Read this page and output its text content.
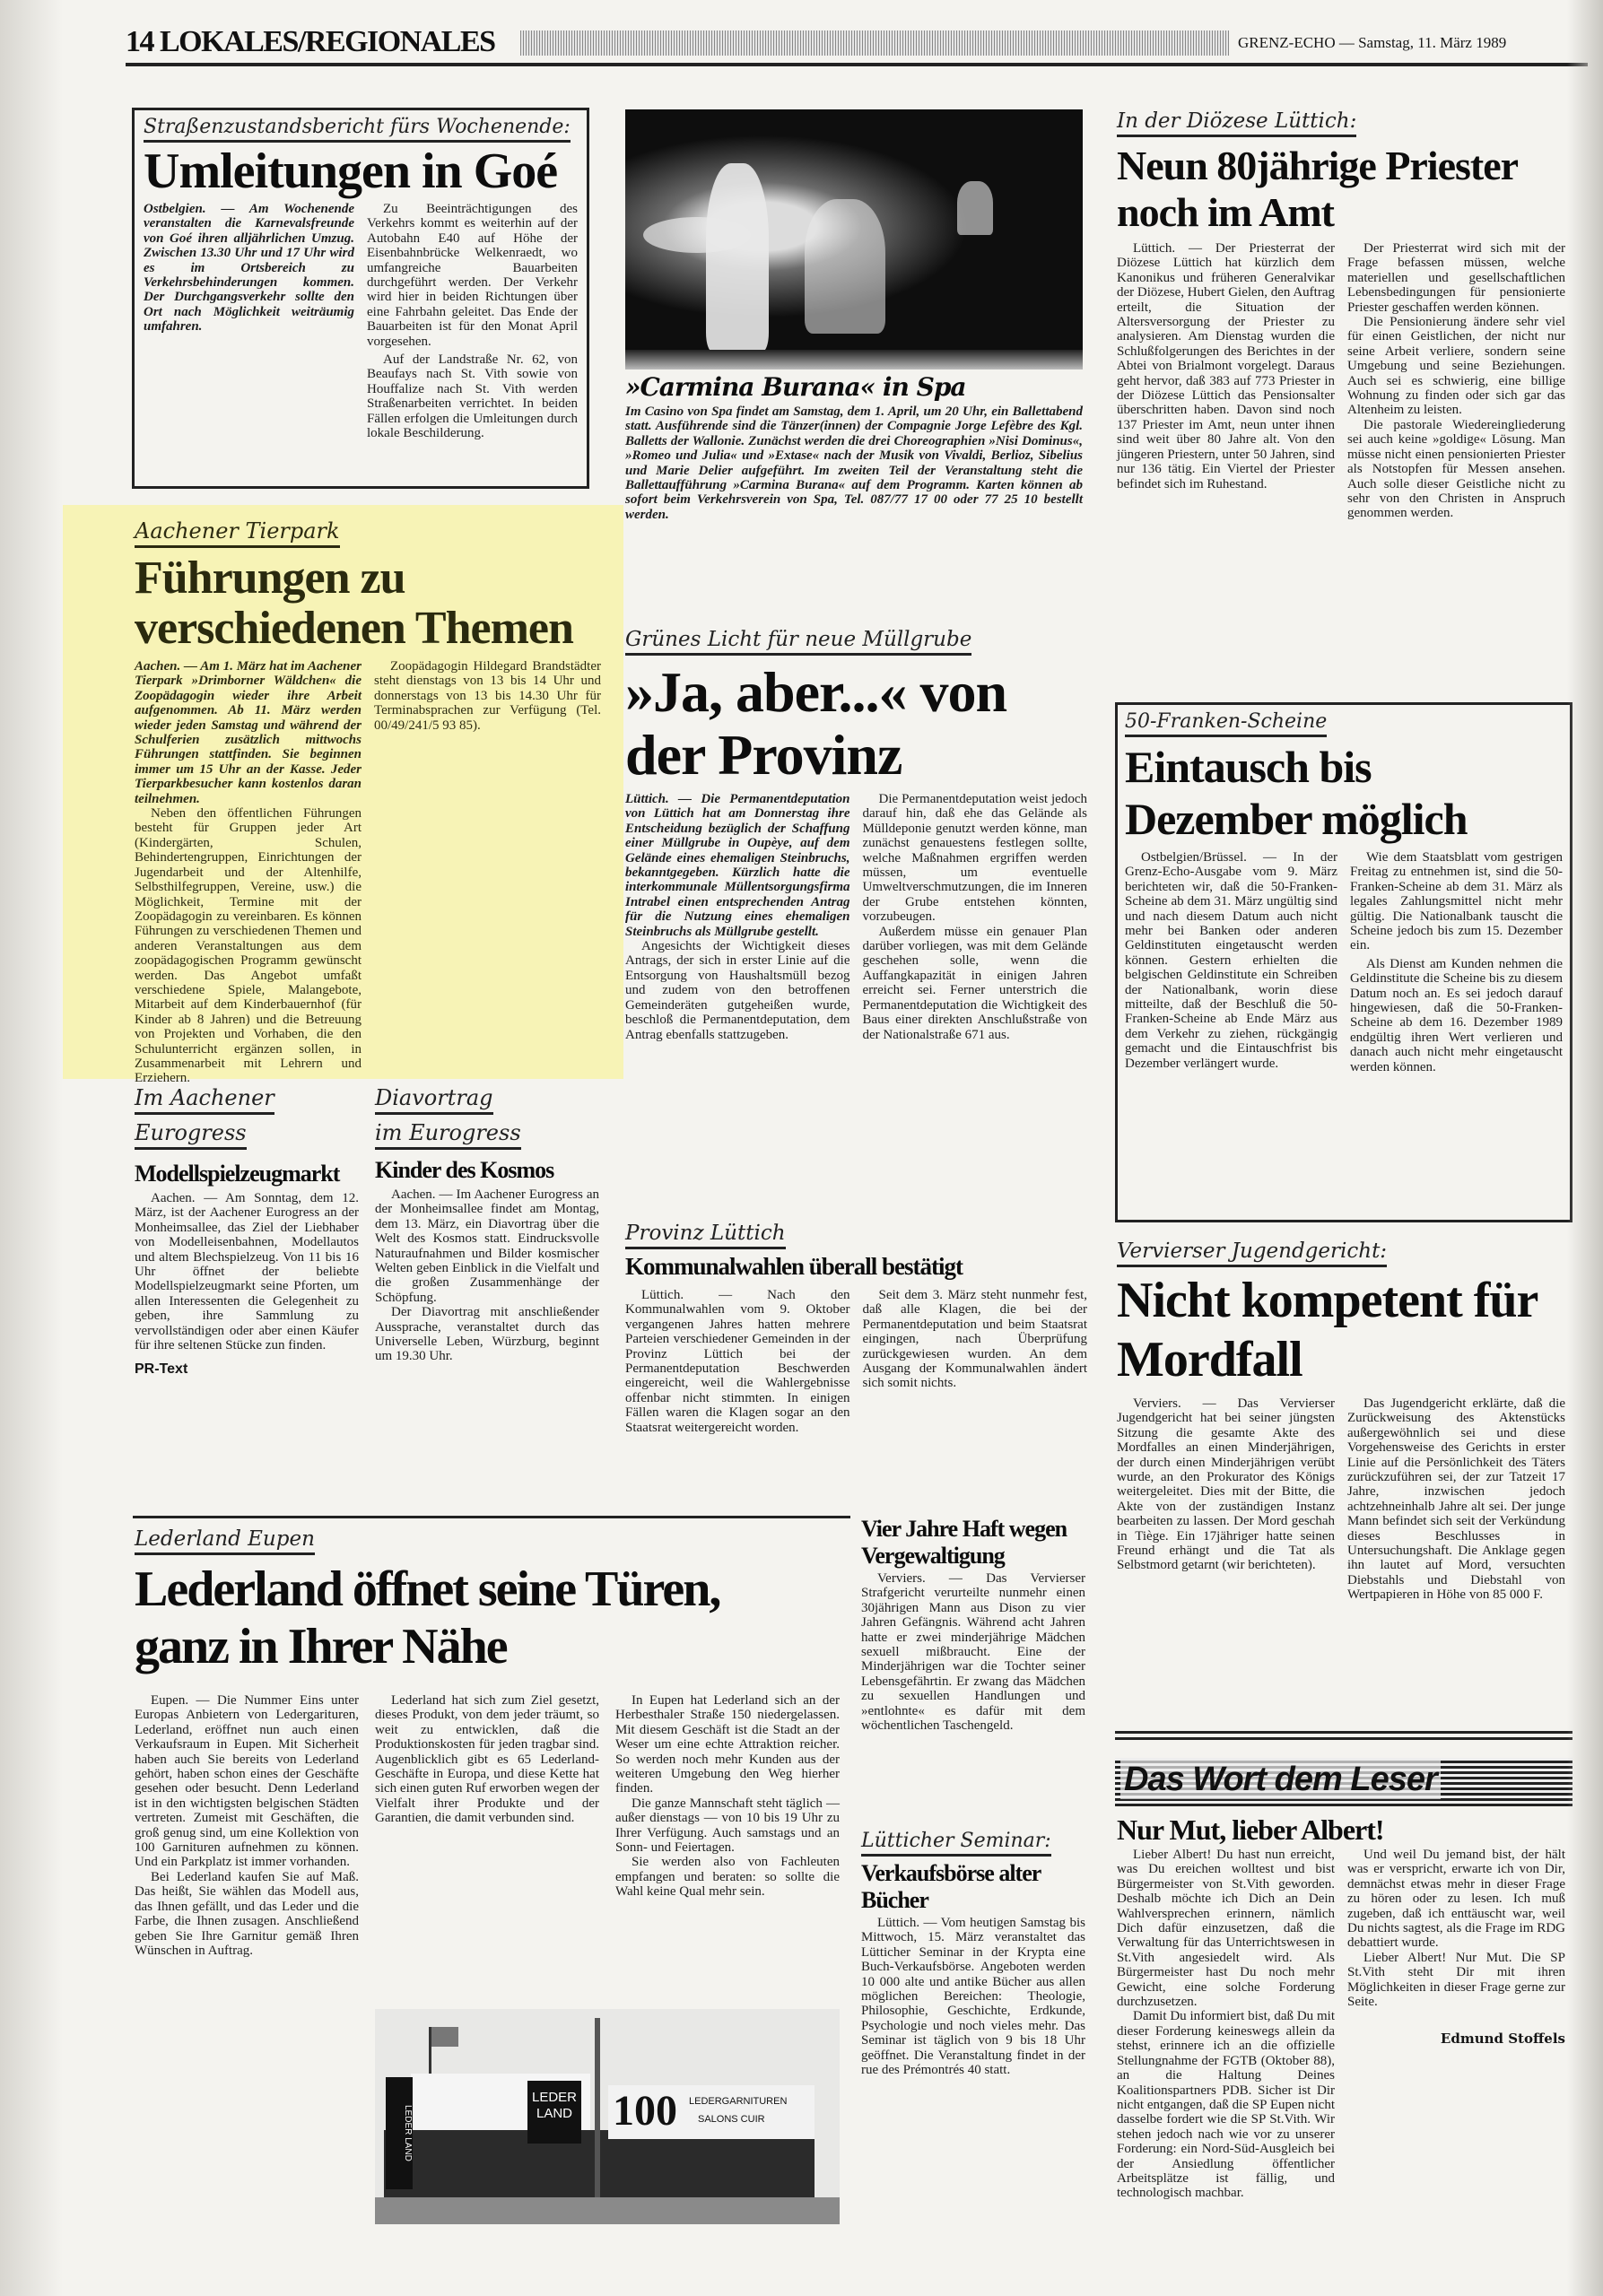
14 LOKALES/REGIONALES	GRENZ-ECHO — Samstag, 11. März 1989
Straßenzustandsbericht fürs Wochenende:
Umleitungen in Goé

Ostbelgien. — Am Wochenende veranstalten die Karnevalsfreunde von Goé ihren alljährlichen Umzug. Zwischen 13.30 Uhr und 17 Uhr wird es im Ortsbereich zu Verkehrsbehinderungen kommen. Der Durchgangsverkehr sollte den Ort nach Möglichkeit weiträumig umfahren.

Zu Beeinträchtigungen des Verkehrs kommt es weiterhin auf der Autobahn E40 auf Höhe der Eisenbahnbrücke Welkenraedt, wo umfangreiche Bauarbeiten durchgeführt werden. Der Verkehr wird hier in beiden Richtungen über eine Fahrbahn geleitet. Das Ende der Bauarbeiten ist für den Monat April vorgesehen.

Auf der Landstraße Nr. 62, von Beaufays nach St. Vith sowie von Houffalize nach St. Vith werden Straßenarbeiten verrichtet. In beiden Fällen erfolgen die Umleitungen durch lokale Beschilderung.

Aachener Tierpark
Führungen zu verschiedenen Themen

Aachen. — Am 1. März hat im Aachener Tierpark »Drimborner Wäldchen« die Zoopädagogin wieder ihre Arbeit aufgenommen. Ab 11. März werden wieder jeden Samstag und während der Schulferien zusätzlich mittwochs Führungen stattfinden. Sie beginnen immer um 15 Uhr an der Kasse. Jeder Tierparkbesucher kann kostenlos daran teilnehmen.

Neben den öffentlichen Führungen besteht für Gruppen jeder Art (Kindergärten, Schulen, Behindertengruppen, Einrichtungen der Jugendarbeit und der Altenhilfe, Selbsthilfegruppen, Vereine, usw.) die Möglichkeit, Termine mit der Zoopädagogin zu vereinbaren. Es können Führungen zu verschiedenen Themen und anderen Veranstaltungen aus dem zoopädagogischen Programm gewünscht werden. Das Angebot umfaßt verschiedene Spiele, Malangebote, Mitarbeit auf dem Kinderbauernhof (für Kinder ab 8 Jahren) und die Betreuung von Projekten und Vorhaben, die den Schulunterricht ergänzen sollen, in Zusammenarbeit mit Lehrern und Erziehern.

Zoopädagogin Hildegard Brandstädter steht dienstags von 13 bis 14 Uhr und donnerstags von 13 bis 14.30 Uhr für Terminabsprachen zur Verfügung (Tel. 00/49/241/5 93 85).

»Carmina Burana« in Spa

Im Casino von Spa findet am Samstag, dem 1. April, um 20 Uhr, ein Ballettabend statt. Ausführende sind die Tänzer(innen) der Compagnie Jorge Lefèbre des Kgl. Balletts der Wallonie. Zunächst werden die drei Choreographien »Nisi Dominus«, »Romeo und Julia« und »Extase« nach der Musik von Vivaldi, Berlioz, Sibelius und Marie Delier aufgeführt. Im zweiten Teil der Veranstaltung steht die Ballettaufführung »Carmina Burana« auf dem Programm. Karten können ab sofort beim Verkehrsverein von Spa, Tel. 087/77 17 00 oder 77 25 10 bestellt werden.

Grünes Licht für neue Müllgrube
»Ja, aber...« von der Provinz

Lüttich. — Die Permanentdeputation von Lüttich hat am Donnerstag ihre Entscheidung bezüglich der Schaffung einer Müllgrube in Oupèye, auf dem Gelände eines ehemaligen Steinbruchs, bekanntgegeben. Kürzlich hatte die interkommunale Müllentsorgungsfirma Intrabel einen entsprechenden Antrag für die Nutzung eines ehemaligen Steinbruchs als Müllgrube gestellt.

Angesichts der Wichtigkeit dieses Antrags, der sich in erster Linie auf die Entsorgung von Haushaltsmüll bezog und zudem von den betroffenen Gemeinderäten gutgeheißen wurde, beschloß die Permanentdeputation, dem Antrag ebenfalls stattzugeben.

Die Permanentdeputation weist jedoch darauf hin, daß ehe das Gelände als Mülldeponie genutzt werden könne, man zunächst genauestens festlegen sollte, welche Maßnahmen ergriffen werden müssen, um eventuelle Umweltverschmutzungen, die im Inneren der Grube entstehen könnten, vorzubeugen.

Außerdem müsse ein genauer Plan darüber vorliegen, was mit dem Gelände geschehen solle, wenn die Auffangkapazität in einigen Jahren erreicht sei. Ferner unterstrich die Permanentdeputation die Wichtigkeit des Baus einer direkten Anschlußstraße von der Nationalstraße 671 aus.

In der Diözese Lüttich:
Neun 80jährige Priester noch im Amt

Lüttich. — Der Priesterrat der Diözese Lüttich hat kürzlich dem Kanonikus und früheren Generalvikar der Diözese, Hubert Gielen, den Auftrag erteilt, die Situation der Altersversorgung der Priester zu analysieren. Am Dienstag wurden die Schlußfolgerungen des Berichtes in der Abtei von Brialmont vorgelegt. Daraus geht hervor, daß 383 auf 773 Priester in der Diözese Lüttich das Pensionsalter überschritten haben. Davon sind noch 137 Priester im Amt, neun unter ihnen sind weit über 80 Jahre alt. Von den jüngeren Priestern, unter 50 Jahren, sind nur 136 tätig. Ein Viertel der Priester befindet sich im Ruhestand.

Der Priesterrat wird sich mit der Frage befassen müssen, welche materiellen und gesellschaftlichen Lebensbedingungen für pensionierte Priester geschaffen werden können.

Die Pensionierung ändere sehr viel für einen Geistlichen, der nicht nur seine Arbeit verliere, sondern seine Umgebung und seine Beziehungen. Auch sei es schwierig, eine billige Wohnung zu finden oder sich gar das Altenheim zu leisten.

Die pastorale Wiedereingliederung sei auch keine »goldige« Lösung. Man müsse nicht einen pensionierten Priester als Notstopfen für Messen ansehen. Auch solle dieser Geistliche nicht zu sehr von den Christen in Anspruch genommen werden.

50-Franken-Scheine
Eintausch bis Dezember möglich

Ostbelgien/Brüssel. — In der Grenz-Echo-Ausgabe vom 9. März berichteten wir, daß die 50-Franken-Scheine ab dem 31. März ungültig sind und nach diesem Datum auch nicht mehr bei Banken oder anderen Geldinstituten eingetauscht werden können. Gestern erhielten die belgischen Geldinstitute ein Schreiben der Nationalbank, worin diese mitteilte, daß der Beschluß die 50-Franken-Scheine ab Ende März aus dem Verkehr zu ziehen, rückgängig gemacht und die Eintauschfrist bis Dezember verlängert wurde.

Wie dem Staatsblatt vom gestrigen Freitag zu entnehmen ist, sind die 50-Franken-Scheine ab dem 31. März als legales Zahlungsmittel nicht mehr gültig. Die Nationalbank tauscht die Scheine jedoch bis zum 15. Dezember ein.

Als Dienst am Kunden nehmen die Geldinstitute die Scheine bis zu diesem Datum noch an. Es sei jedoch darauf hingewiesen, daß die 50-Franken-Scheine ab dem 16. Dezember 1989 endgültig ihren Wert verlieren und danach auch nicht mehr eingetauscht werden können.

Im Aachener
Eurogress
Modellspielzeugmarkt

Aachen. — Am Sonntag, dem 12. März, ist der Aachener Eurogress an der Monheimsallee, das Ziel der Liebhaber von Modelleisenbahnen, Modellautos und altem Blechspielzeug. Von 11 bis 16 Uhr öffnet der beliebte Modellspielzeugmarkt seine Pforten, um allen Interessenten die Gelegenheit zu geben, ihre Sammlung zu vervollständigen oder aber einen Käufer für ihre seltenen Stücke zun finden.

PR-Text
Diavortrag
im Eurogress
Kinder des Kosmos

Aachen. — Im Aachener Eurogress an der Monheimsallee findet am Montag, dem 13. März, ein Diavortrag über die Welt des Kosmos statt. Eindrucksvolle Naturaufnahmen und Bilder kosmischer Welten geben Einblick in die Vielfalt und die großen Zusammenhänge der Schöpfung.

Der Diavortrag mit anschließender Aussprache, veranstaltet durch das Universelle Leben, Würzburg, beginnt um 19.30 Uhr.

Provinz Lüttich
Kommunalwahlen überall bestätigt

Lüttich. — Nach den Kommunalwahlen vom 9. Oktober vergangenen Jahres hatten mehrere Parteien verschiedener Gemeinden in der Provinz Lüttich bei der Permanentdeputation Beschwerden eingereicht, weil die Wahlergebnisse offenbar nicht stimmten. In einigen Fällen waren die Klagen sogar an den Staatsrat weitergereicht worden.

Seit dem 3. März steht nunmehr fest, daß alle Klagen, die bei der Permanentdeputation und beim Staatsrat eingingen, nach Überprüfung zurückgewiesen wurden. An dem Ausgang der Kommunalwahlen ändert sich somit nichts.

Vervierser Jugendgericht:
Nicht kompetent für Mordfall

Verviers. — Das Vervierser Jugendgericht hat bei seiner jüngsten Sitzung die gesamte Akte des Mordfalles an einen Minderjährigen, der durch einen Minderjährigen verübt wurde, an den Prokurator des Königs weitergeleitet. Dies mit der Bitte, die Akte von der zuständigen Instanz bearbeiten zu lassen. Der Mord geschah in Tiège. Ein 17jähriger hatte seinen Freund erhängt und die Tat als Selbstmord getarnt (wir berichteten).

Das Jugendgericht erklärte, daß die Zurückweisung des Aktenstücks außergewöhnlich sei und diese Vorgehensweise des Gerichts in erster Linie auf die Persönlichkeit des Täters zurückzuführen sei, der zur Tatzeit 17 Jahre, inzwischen jedoch achtzehneinhalb Jahre alt sei. Der junge Mann befindet sich seit der Verkündung dieses Beschlusses in Untersuchungshaft. Die Anklage gegen ihn lautet auf Mord, versuchten Diebstahls und Diebstahl von Wertpapieren in Höhe von 85 000 F.

Lederland Eupen
Lederland öffnet seine Türen,
ganz in Ihrer Nähe

Eupen. — Die Nummer Eins unter Europas Anbietern von Ledergarituren, Lederland, eröffnet nun auch einen Verkaufsraum in Eupen. Mit Sicherheit haben auch Sie bereits von Lederland gehört, haben schon eines der Geschäfte gesehen oder besucht. Denn Lederland ist in den wichtigsten belgischen Städten vertreten. Zumeist mit Geschäften, die groß genug sind, um eine Kollektion von 100 Garnituren aufnehmen zu können. Und ein Parkplatz ist immer vorhanden.

Bei Lederland kaufen Sie auf Maß. Das heißt, Sie wählen das Modell aus, das Ihnen gefällt, und das Leder und die Farbe, die Ihnen zusagen. Anschließend geben Sie Ihre Garnitur gemäß Ihren Wünschen in Auftrag.

Lederland hat sich zum Ziel gesetzt, dieses Produkt, von dem jeder träumt, so weit zu entwicklen, daß die Produktionskosten für jeden tragbar sind. Augenblicklich gibt es 65 Lederland-Geschäfte in Europa, und diese Kette hat sich einen guten Ruf erworben wegen der Vielfalt ihrer Produkte und der Garantien, die damit verbunden sind.

In Eupen hat Lederland sich an der Herbesthaler Straße 150 niedergelassen. Mit diesem Geschäft ist die Stadt an der Weser um eine echte Attraktion reicher. So werden noch mehr Kunden aus der weiteren Umgebung den Weg hierher finden.

Die ganze Mannschaft steht täglich — außer dienstags — von 10 bis 19 Uhr zu Ihrer Verfügung. Auch samstags und an Sonn- und Feiertagen.

Sie werden also von Fachleuten empfangen und beraten: so sollte die Wahl keine Qual mehr sein.

LEDER LAND
LEDER LAND 100 LEDERGARNITUREN
SALONS CUIR
Vier Jahre Haft wegen Vergewaltigung

Verviers. — Das Vervierser Strafgericht verurteilte nunmehr einen 30jährigen Mann aus Dison zu vier Jahren Gefängnis. Während acht Jahren hatte er zwei minderjährige Mädchen sexuell mißbraucht. Eine der Minderjährigen war die Tochter seiner Lebensgefährtin. Er zwang das Mädchen zu sexuellen Handlungen und »entlohnte« es dafür mit dem wöchentlichen Taschengeld.

Lütticher Seminar:
Verkaufsbörse alter Bücher

Lüttich. — Vom heutigen Samstag bis Mittwoch, 15. März veranstaltet das Lütticher Seminar in der Krypta eine Buch-Verkaufsbörse. Angeboten werden 10 000 alte und antike Bücher aus allen möglichen Bereichen: Theologie, Philosophie, Geschichte, Erdkunde, Psychologie und noch vieles mehr. Das Seminar ist täglich von 9 bis 18 Uhr geöffnet. Die Veranstaltung findet in der rue des Prémontrés 40 statt.

Das Wort dem Leser
Nur Mut, lieber Albert!

Lieber Albert! Du hast nun erreicht, was Du ereichen wolltest und bist Bürgermeister von St.Vith geworden. Deshalb möchte ich Dich an Dein Wahlversprechen erinnern, nämlich Dich dafür einzusetzen, daß die Verwaltung für das Unterrichtswesen in St.Vith angesiedelt wird. Als Bürgermeister hast Du noch mehr Gewicht, eine solche Forderung durchzusetzen.

Damit Du informiert bist, daß Du mit dieser Forderung keineswegs allein da stehst, erinnere ich an die offizielle Stellungnahme der FGTB (Oktober 88), an die Haltung Deines Koalitionspartners PDB. Sicher ist Dir nicht entgangen, daß die SP Eupen nicht dasselbe fordert wie die SP St.Vith. Wir stehen jedoch nach wie vor zu unserer Forderung: ein Nord-Süd-Ausgleich bei der Ansiedlung öffentlicher Arbeitsplätze ist fällig, und technologisch machbar.

Und weil Du jemand bist, der hält was er verspricht, erwarte ich von Dir, demnächst etwas mehr in dieser Frage zu hören oder zu lesen. Ich muß zugeben, daß ich enttäuscht war, weil Du nichts sagtest, als die Frage im RDG debattiert wurde.

Lieber Albert! Nur Mut. Die SP St.Vith steht Dir mit ihren Möglichkeiten in dieser Frage gerne zur Seite.

Edmund Stoffels
